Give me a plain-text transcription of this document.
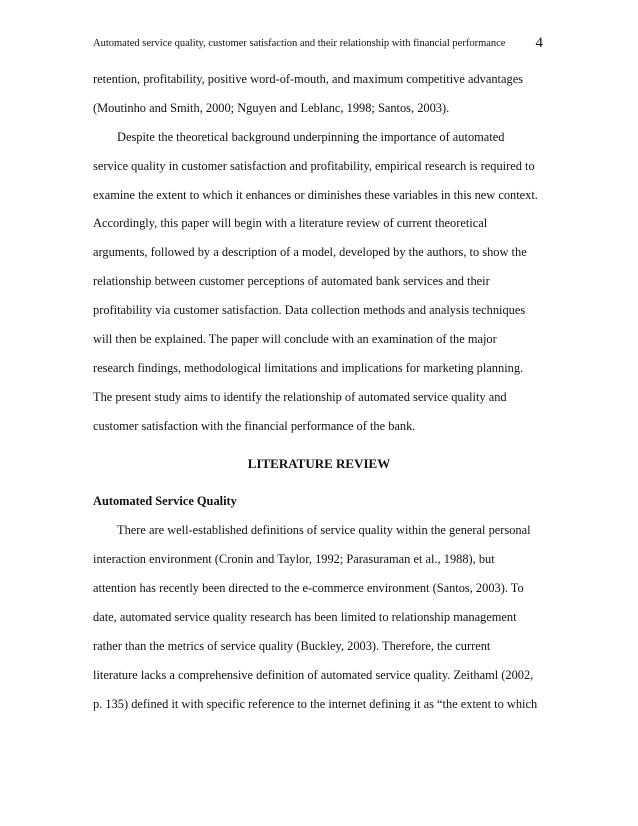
Automated service quality, customer satisfaction and their relationship with financial performance 4
retention, profitability, positive word-of-mouth, and maximum competitive advantages
(Moutinho and Smith, 2000; Nguyen and Leblanc, 1998; Santos, 2003).
Despite the theoretical background underpinning the importance of automated
service quality in customer satisfaction and profitability, empirical research is required to
examine the extent to which it enhances or diminishes these variables in this new context.
Accordingly, this paper will begin with a literature review of current theoretical
arguments, followed by a description of a model, developed by the authors, to show the
relationship between customer perceptions of automated bank services and their
profitability via customer satisfaction. Data collection methods and analysis techniques
will then be explained. The paper will conclude with an examination of the major
research findings, methodological limitations and implications for marketing planning.
The present study aims to identify the relationship of automated service quality and
customer satisfaction with the financial performance of the bank.
LITERATURE REVIEW
Automated Service Quality
There are well-established definitions of service quality within the general personal
interaction environment (Cronin and Taylor, 1992; Parasuraman et al., 1988), but
attention has recently been directed to the e-commerce environment (Santos, 2003). To
date, automated service quality research has been limited to relationship management
rather than the metrics of service quality (Buckley, 2003). Therefore, the current
literature lacks a comprehensive definition of automated service quality. Zeithaml (2002,
p. 135) defined it with specific reference to the internet defining it as “the extent to which
